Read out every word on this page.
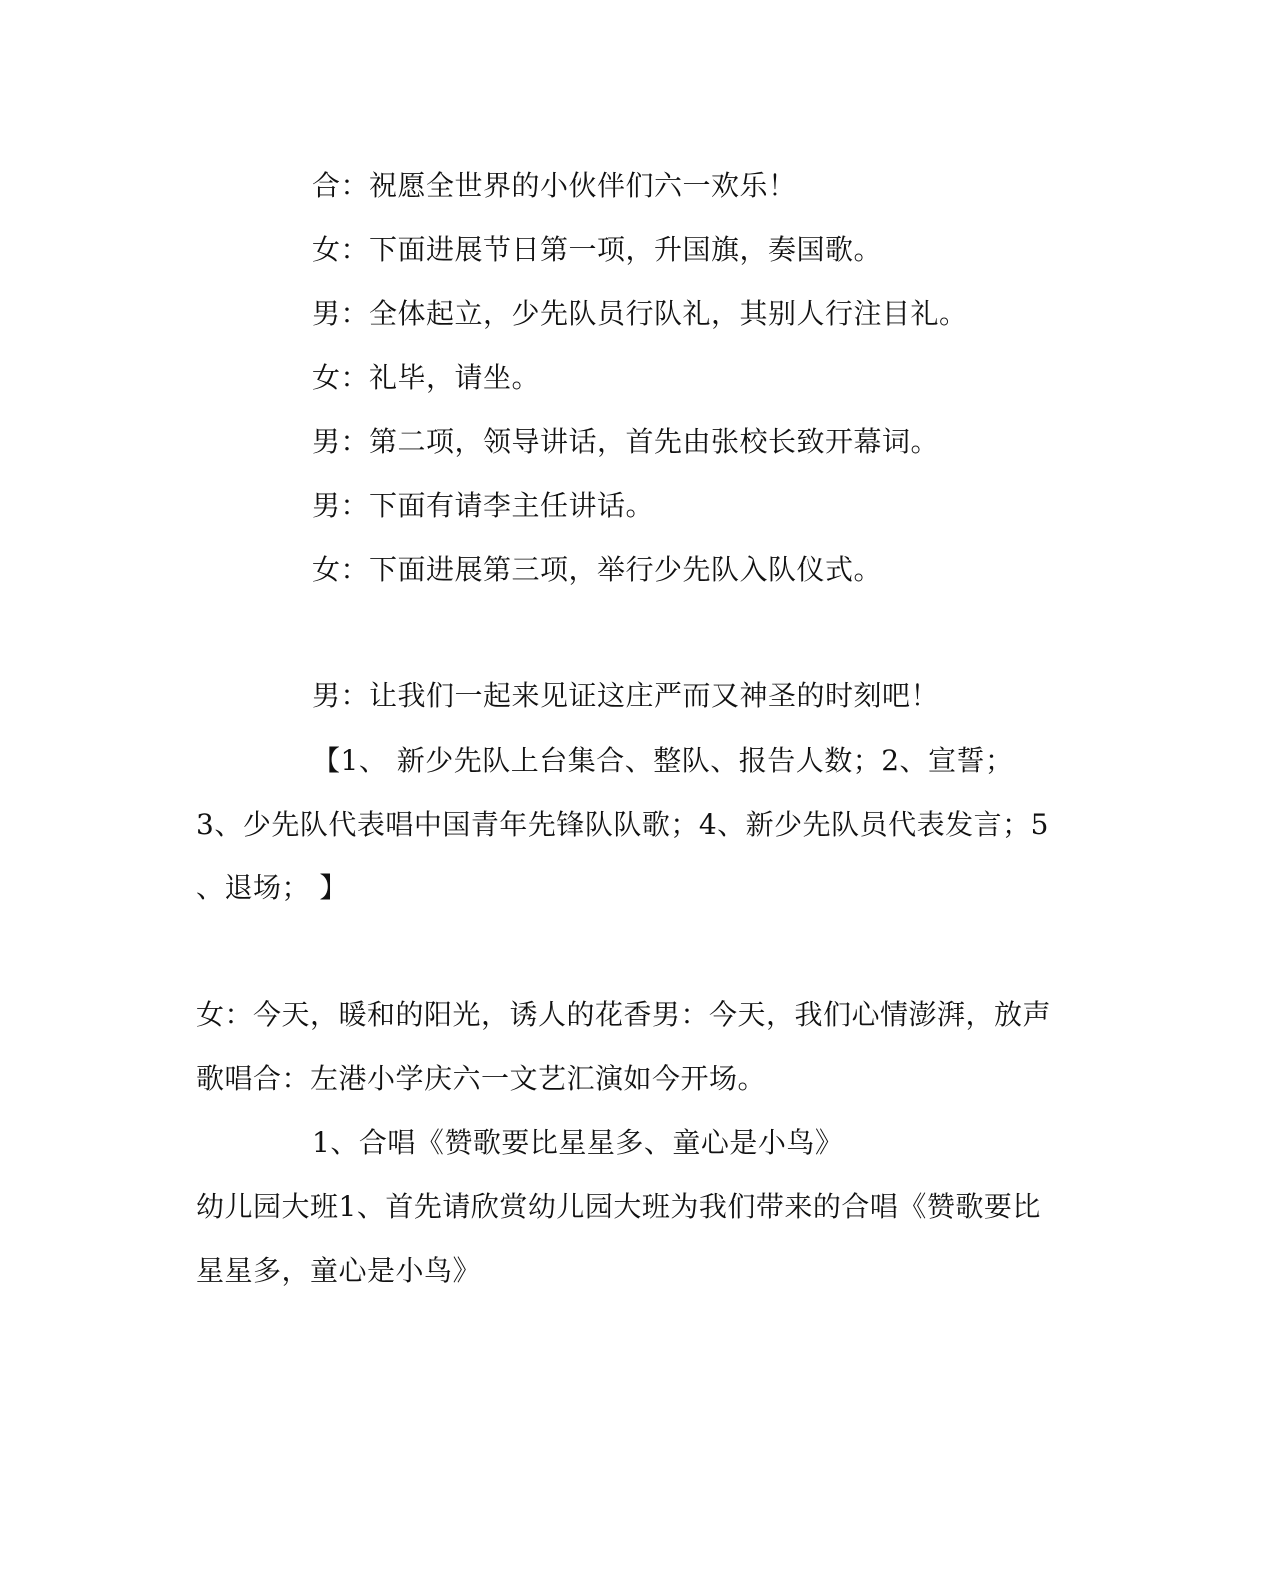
合：祝愿全世界的小伙伴们六一欢乐！
女：下面进展节日第一项，升国旗，奏国歌。
男：全体起立，少先队员行队礼，其别人行注目礼。
女：礼毕，请坐。
男：第二项，领导讲话，首先由张校长致开幕词。
男：下面有请李主任讲话。
女：下面进展第三项，举行少先队入队仪式。
男：让我们一起来见证这庄严而又神圣的时刻吧！
【1、 新少先队上台集合、整队、报告人数；2、宣誓；
3、少先队代表唱中国青年先锋队队歌；4、新少先队员代表发言；5
、退场； 】
女：今天，暖和的阳光，诱人的花香男：今天，我们心情澎湃，放声
歌唱合：左港小学庆六一文艺汇演如今开场。
1、合唱《赞歌要比星星多、童心是小鸟》
幼儿园大班1、首先请欣赏幼儿园大班为我们带来的合唱《赞歌要比
星星多，童心是小鸟》
